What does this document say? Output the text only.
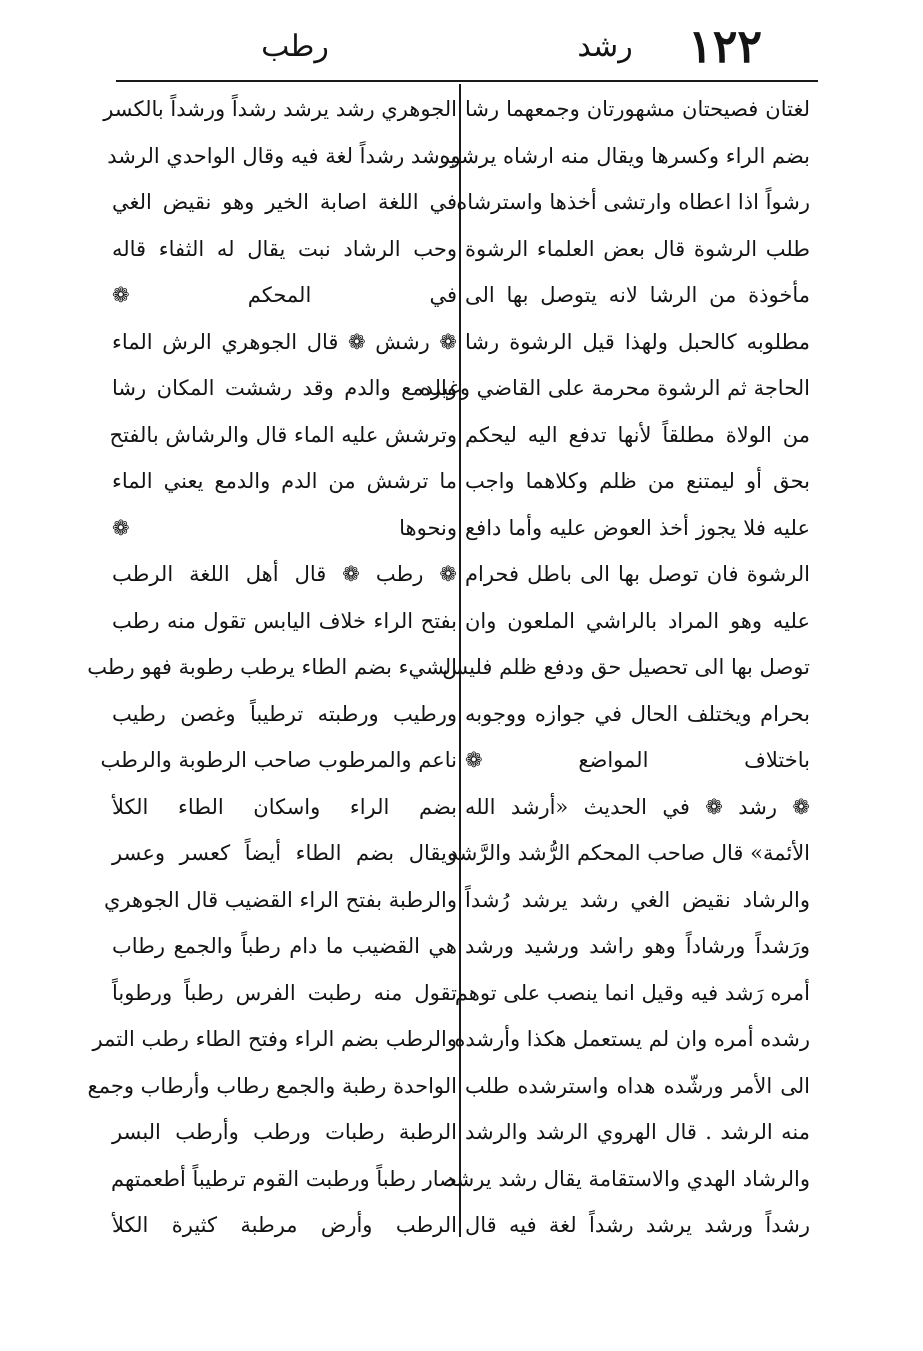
١٢٢
رشد
رطب
لغتان فصيحتان مشهورتان وجمعهما رشا
بضم الراء وكسرها ويقال منه ارشاه يرشوه
رشواً اذا اعطاه وارتشى أخذها واسترشاه
طلب الرشوة قال بعض العلماء الرشوة
مأخوذة من الرشا لانه يتوصل بها الى
مطلوبه كالحبل ولهذا قيل الرشوة رشا
الحاجة ثم الرشوة محرمة على القاضي وغيره
من الولاة مطلقاً لأنها تدفع اليه ليحكم
بحق أو ليمتنع من ظلم وكلاهما واجب
عليه فلا يجوز أخذ العوض عليه وأما دافع
الرشوة فان توصل بها الى باطل فحرام
عليه وهو المراد بالراشي الملعون وان
توصل بها الى تحصيل حق ودفع ظلم فليس
بحرام ويختلف الحال في جوازه ووجوبه
باختلاف المواضع ❁
❁ رشد ❁ في الحديث «أرشد الله
الأئمة» قال صاحب المحكم الرُّشد والرَّشد
والرشاد نقيض الغي رشد يرشد رُشداً
ورَشداً ورشاداً وهو راشد ورشيد ورشد
أمره رَشد فيه وقيل انما ينصب على توهم
رشده أمره وان لم يستعمل هكذا وأرشده
الى الأمر ورشّده هداه واسترشده طلب
منه الرشد . قال الهروي الرشد والرشد
والرشاد الهدي والاستقامة يقال رشد يرشد
رشداً ورشد يرشد رشداً لغة فيه قال
الجوهري رشد يرشد رشداً ورشداً بالكسر
يرشد رشداً لغة فيه وقال الواحدي الرشد
في اللغة اصابة الخير وهو نقيض الغي
وحب الرشاد نبت يقال له الثفاء قاله
في المحكم ❁
❁ رشش ❁ قال الجوهري الرش الماء
والدمع والدم وقد رششت المكان رشا
وترشش عليه الماء قال والرشاش بالفتح
ما ترشش من الدم والدمع يعني الماء
ونحوها ❁
❁ رطب ❁ قال أهل اللغة الرطب
بفتح الراء خلاف اليابس تقول منه رطب
الشيء بضم الطاء يرطب رطوبة فهو رطب
ورطيب ورطبته ترطيباً وغصن رطيب
ناعم والمرطوب صاحب الرطوبة والرطب
بضم الراء واسكان الطاء الكلأ
ويقال بضم الطاء أيضاً كعسر وعسر
والرطبة بفتح الراء القضيب قال الجوهري
هي القضيب ما دام رطباً والجمع رطاب
تقول منه رطبت الفرس رطباً ورطوباً
والرطب بضم الراء وفتح الطاء رطب التمر
الواحدة رطبة والجمع رطاب وأرطاب وجمع
الرطبة رطبات ورطب وأرطب البسر
صار رطباً ورطبت القوم ترطيباً أطعمتهم
الرطب وأرض مرطبة كثيرة الكلأ
